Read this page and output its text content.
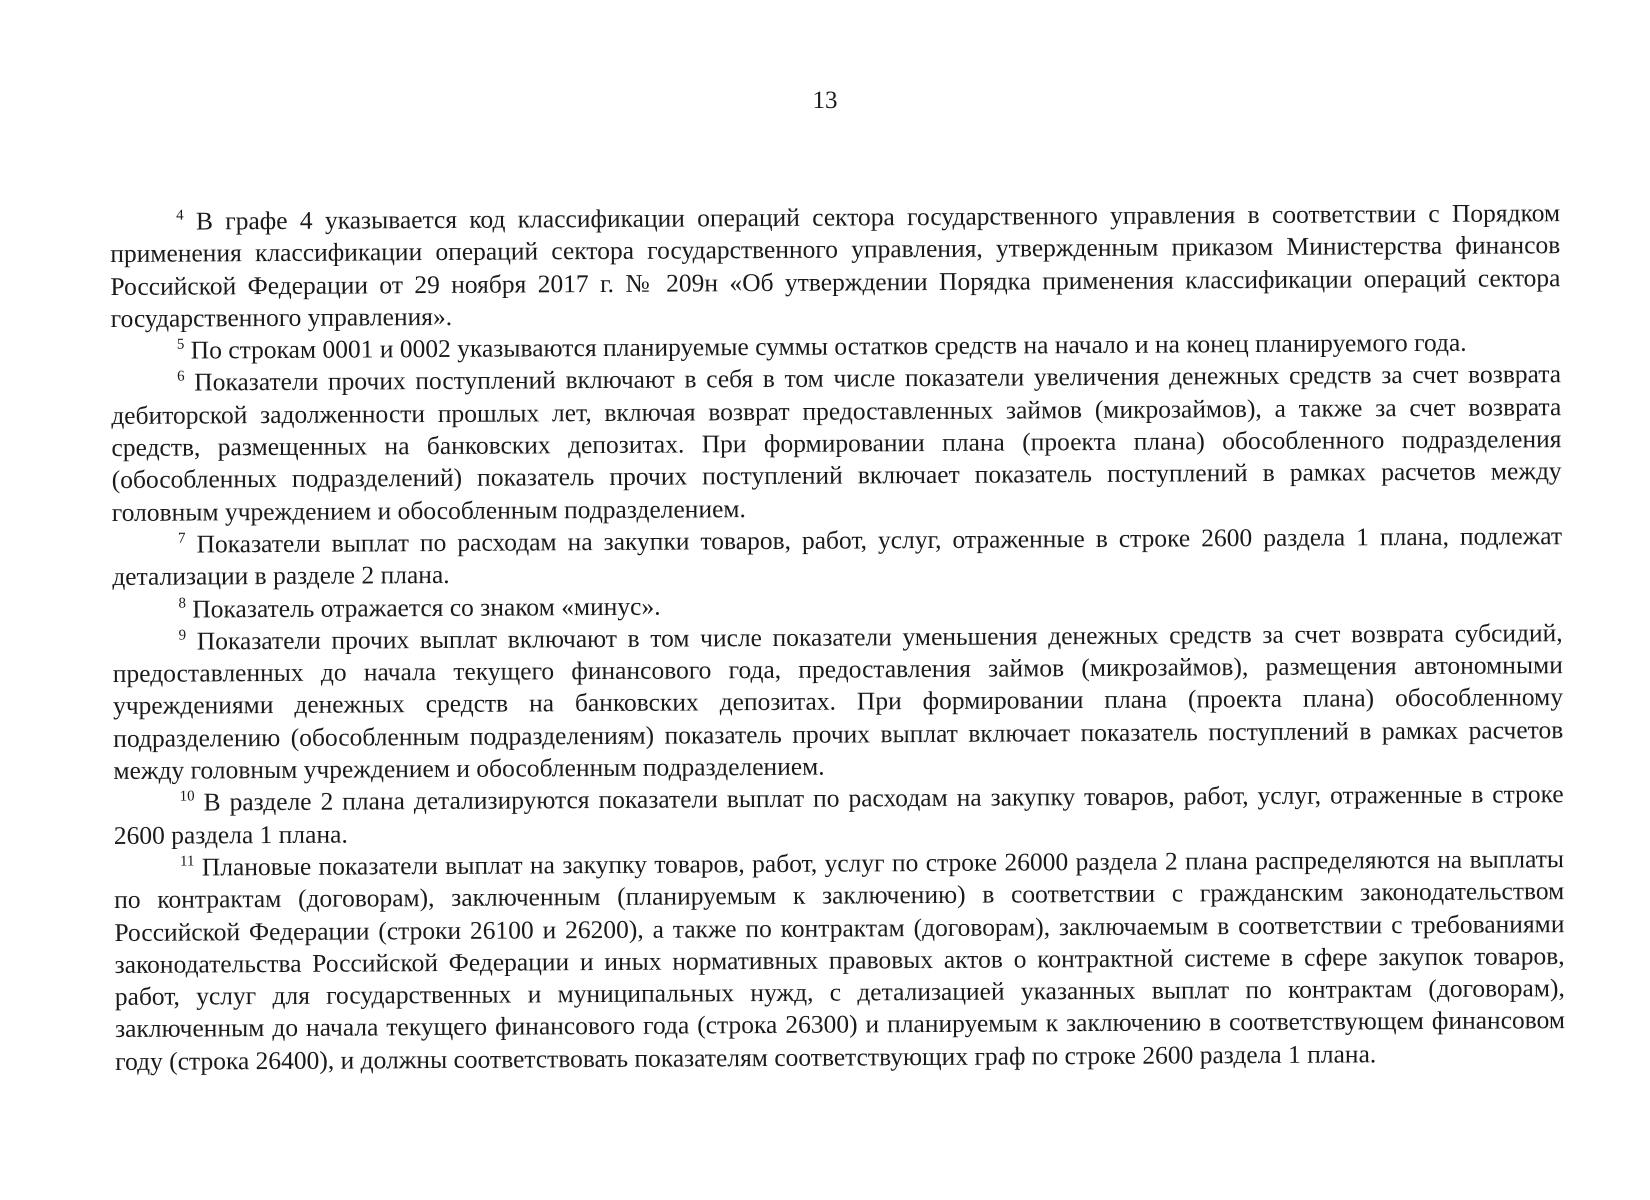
13

$^4$ В графе 4 указывается код классификации операций сектора государственного управления в соответствии с Порядком применения классификации операций сектора государственного управления, утвержденным приказом Министерства финансов Российской Федерации от 29 ноября 2017 г. № 209н «Об утверждении Порядка применения классификации операций сектора государственного управления».

$^5$ По строкам 0001 и 0002 указываются планируемые суммы остатков средств на начало и на конец планируемого года.

$^6$ Показатели прочих поступлений включают в себя в том числе показатели увеличения денежных средств за счет возврата дебиторской задолженности прошлых лет, включая возврат предоставленных займов (микрозаймов), а также за счет возврата средств, размещенных на банковских депозитах. При формировании плана (проекта плана) обособленного подразделения (обособленных подразделений) показатель прочих поступлений включает показатель поступлений в рамках расчетов между головным учреждением и обособленным подразделением.

$^7$ Показатели выплат по расходам на закупки товаров, работ, услуг, отраженные в строке 2600 раздела 1 плана, подлежат детализации в разделе 2 плана.

$^8$ Показатель отражается со знаком «минус».

$^9$ Показатели прочих выплат включают в том числе показатели уменьшения денежных средств за счет возврата субсидий, предоставленных до начала текущего финансового года, предоставления займов (микрозаймов), размещения автономными учреждениями денежных средств на банковских депозитах. При формировании плана (проекта плана) обособленному подразделению (обособленным подразделениям) показатель прочих выплат включает показатель поступлений в рамках расчетов между головным учреждением и обособленным подразделением.

$^{10}$ В разделе 2 плана детализируются показатели выплат по расходам на закупку товаров, работ, услуг, отраженные в строке 2600 раздела 1 плана.

$^{11}$ Плановые показатели выплат на закупку товаров, работ, услуг по строке 26000 раздела 2 плана распределяются на выплаты по контрактам (договорам), заключенным (планируемым к заключению) в соответствии с гражданским законодательством Российской Федерации (строки 26100 и 26200), а также по контрактам (договорам), заключаемым в соответствии с требованиями законодательства Российской Федерации и иных нормативных правовых актов о контрактной системе в сфере закупок товаров, работ, услуг для государственных и муниципальных нужд, с детализацией указанных выплат по контрактам (договорам), заключенным до начала текущего финансового года (строка 26300) и планируемым к заключению в соответствующем финансовом году (строка 26400), и должны соответствовать показателям соответствующих граф по строке 2600 раздела 1 плана.
